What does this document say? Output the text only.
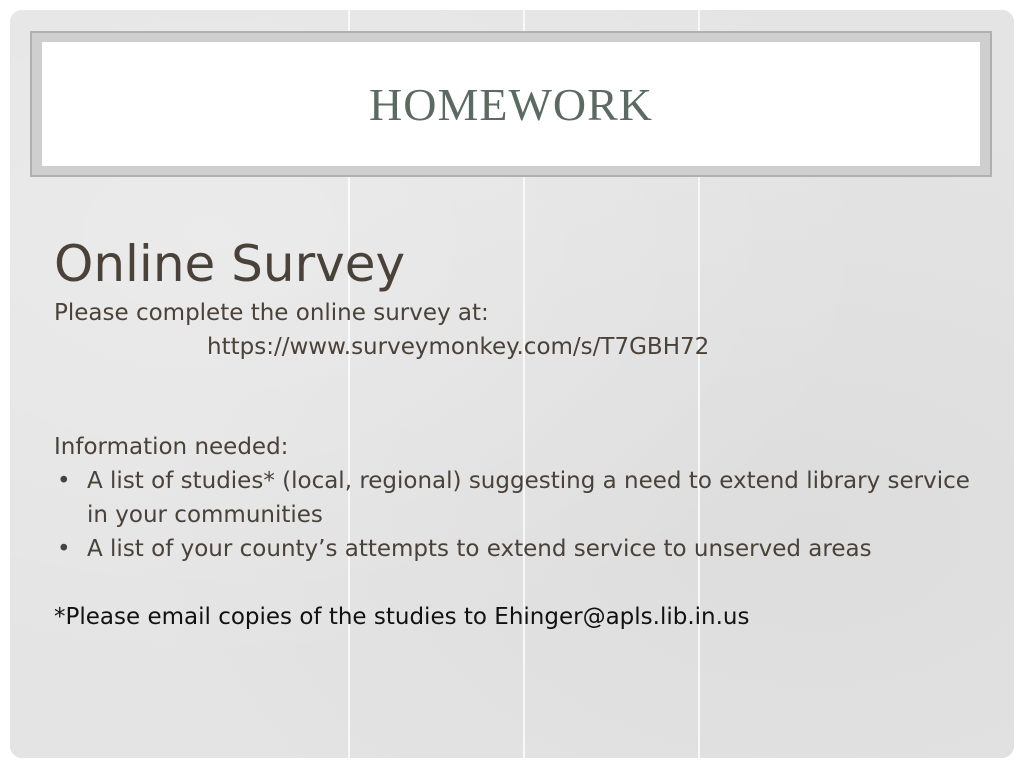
HOMEWORK

Online Survey

Please complete the online survey at:

https://www.surveymonkey.com/s/T7GBH72

Information needed:

• A list of studies* (local, regional) suggesting a need to extend library service in your communities
• A list of your county’s attempts to extend service to unserved areas

*Please email copies of the studies to Ehinger@apls.lib.in.us
